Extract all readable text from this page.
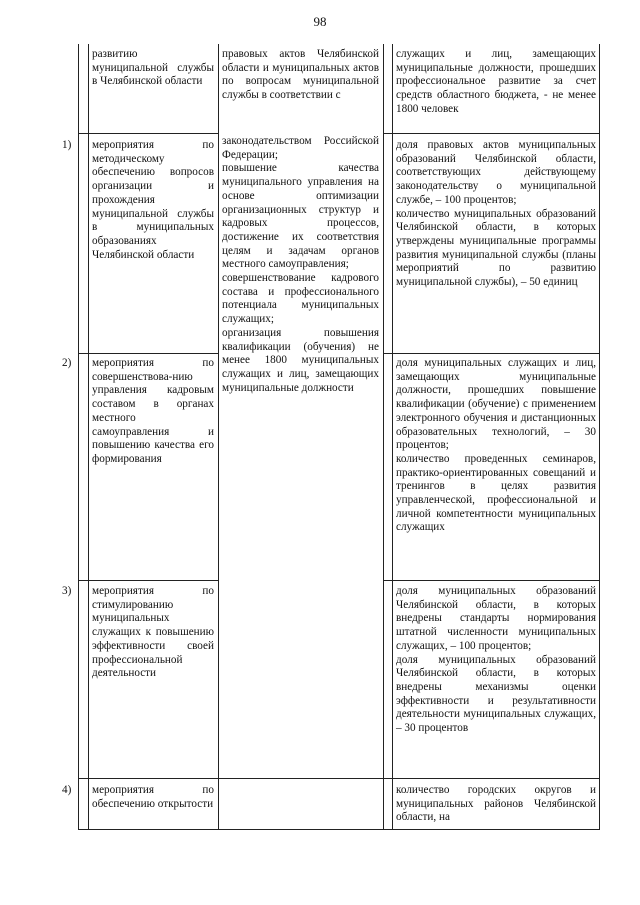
98
развитию муниципальной службы в Челябинской области
правовых актов Челябинской области и муниципальных актов по вопросам муниципальной службы в соответствии с
служащих и лиц, замещающих муниципальные должности, прошедших профессиональное развитие за счет средств областного бюджета, - не менее 1800 человек
законодательством Российской Федерации;
повышение качества муниципального управления на основе оптимизации организационных структур и кадровых процессов, достижение их соответствия целям и задачам органов местного самоуправления;
совершенствование кадрового состава и профессионального потенциала муниципальных служащих;
организация повышения квалификации (обучения) не менее 1800 муниципальных служащих и лиц, замещающих муниципальные должности
1) мероприятия по методическому обеспечению вопросов организации и прохождения муниципальной службы в муниципальных образованиях Челябинской области
доля правовых актов муниципальных образований Челябинской области, соответствующих действующему законодательству о муниципальной службе, – 100 процентов;
количество муниципальных образований Челябинской области, в которых утверждены муниципальные программы развития муниципальной службы (планы мероприятий по развитию муниципальной службы), – 50 единиц
2) мероприятия по совершенствова-нию управления кадровым составом в органах местного самоуправления и повышению качества его формирования
доля муниципальных служащих и лиц, замещающих муниципальные должности, прошедших повышение квалификации (обучение) с применением электронного обучения и дистанционных образовательных технологий, – 30 процентов;
количество проведенных семинаров, практико-ориентированных совещаний и тренингов в целях развития управленческой, профессиональной и личной компетентности муниципальных служащих
3) мероприятия по стимулированию муниципальных служащих к повышению эффективности своей профессиональной деятельности
доля муниципальных образований Челябинской области, в которых внедрены стандарты нормирования штатной численности муниципальных служащих, – 100 процентов;
доля муниципальных образований Челябинской области, в которых внедрены механизмы оценки эффективности и результативности деятельности муниципальных служащих, – 30 процентов
4) мероприятия по обеспечению открытости
количество городских округов и муниципальных районов Челябинской области, на
